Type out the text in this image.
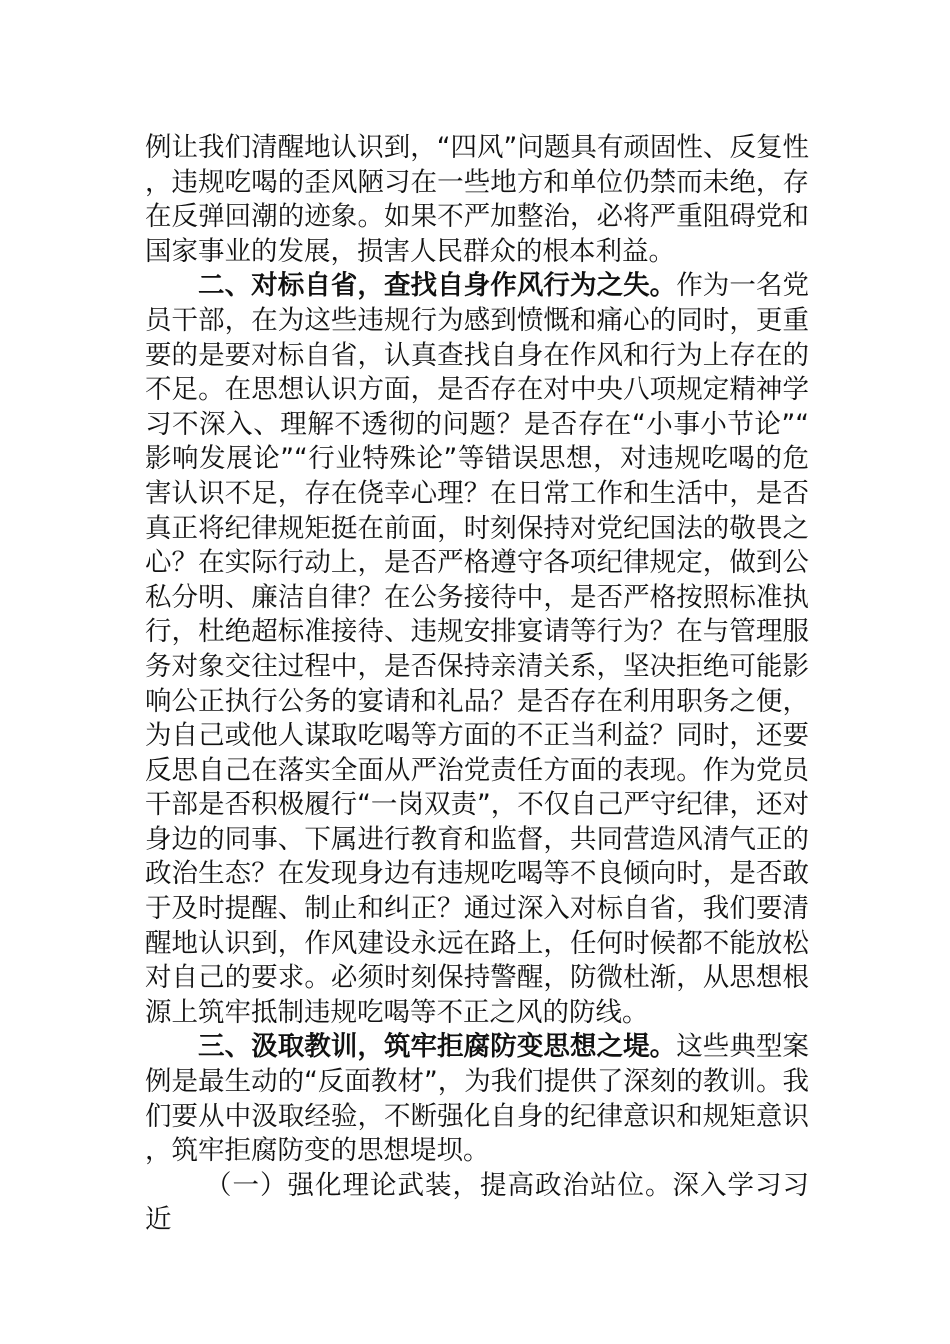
例让我们清醒地认识到，“四风”问题具有顽固性、反复性，违规吃喝的歪风陋习在一些地方和单位仍禁而未绝，存在反弹回潮的迹象。如果不严加整治，必将严重阻碍党和国家事业的发展，损害人民群众的根本利益。

二、对标自省，查找自身作风行为之失。作为一名党员干部，在为这些违规行为感到愤慨和痛心的同时，更重要的是要对标自省，认真查找自身在作风和行为上存在的不足。在思想认识方面，是否存在对中央八项规定精神学习不深入、理解不透彻的问题？是否存在“小事小节论”“影响发展论”“行业特殊论”等错误思想，对违规吃喝的危害认识不足，存在侥幸心理？在日常工作和生活中，是否真正将纪律规矩挺在前面，时刻保持对党纪国法的敬畏之心？在实际行动上，是否严格遵守各项纪律规定，做到公私分明、廉洁自律？在公务接待中，是否严格按照标准执行，杜绝超标准接待、违规安排宴请等行为？在与管理服务对象交往过程中，是否保持亲清关系，坚决拒绝可能影响公正执行公务的宴请和礼品？是否存在利用职务之便，为自己或他人谋取吃喝等方面的不正当利益？同时，还要反思自己在落实全面从严治党责任方面的表现。作为党员干部是否积极履行“一岗双责”，不仅自己严守纪律，还对身边的同事、下属进行教育和监督，共同营造风清气正的政治生态？在发现身边有违规吃喝等不良倾向时，是否敢于及时提醒、制止和纠正？通过深入对标自省，我们要清醒地认识到，作风建设永远在路上，任何时候都不能放松对自己的要求。必须时刻保持警醒，防微杜渐，从思想根源上筑牢抵制违规吃喝等不正之风的防线。

三、汲取教训，筑牢拒腐防变思想之堤。这些典型案例是最生动的“反面教材”，为我们提供了深刻的教训。我们要从中汲取经验，不断强化自身的纪律意识和规矩意识，筑牢拒腐防变的思想堤坝。

（一）强化理论武装，提高政治站位。深入学习习近
